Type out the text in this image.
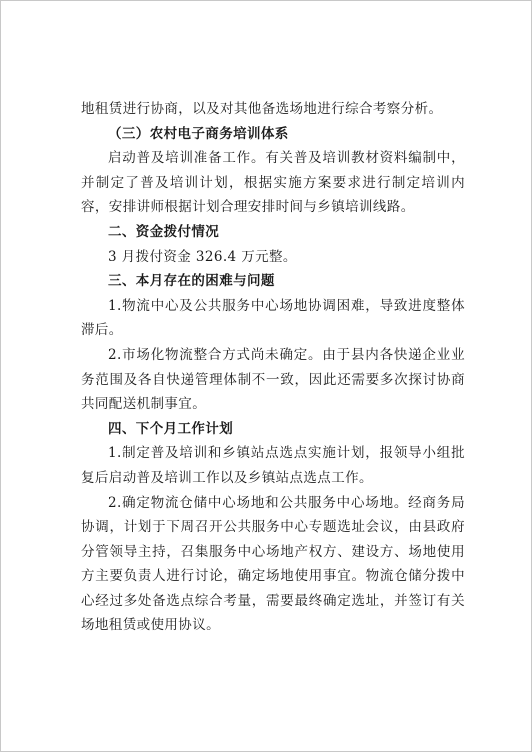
地租赁进行协商，以及对其他备选场地进行综合考察分析。

（三）农村电子商务培训体系

启动普及培训准备工作。有关普及培训教材资料编制中，并制定了普及培训计划，根据实施方案要求进行制定培训内容，安排讲师根据计划合理安排时间与乡镇培训线路。

二、资金拨付情况

3 月拨付资金 326.4 万元整。

三、本月存在的困难与问题

1.物流中心及公共服务中心场地协调困难，导致进度整体滞后。

2.市场化物流整合方式尚未确定。由于县内各快递企业业务范围及各自快递管理体制不一致，因此还需要多次探讨协商共同配送机制事宜。

四、下个月工作计划

1.制定普及培训和乡镇站点选点实施计划，报领导小组批复后启动普及培训工作以及乡镇站点选点工作。

2.确定物流仓储中心场地和公共服务中心场地。经商务局协调，计划于下周召开公共服务中心专题选址会议，由县政府分管领导主持，召集服务中心场地产权方、建设方、场地使用方主要负责人进行讨论，确定场地使用事宜。物流仓储分拨中心经过多处备选点综合考量，需要最终确定选址，并签订有关场地租赁或使用协议。
